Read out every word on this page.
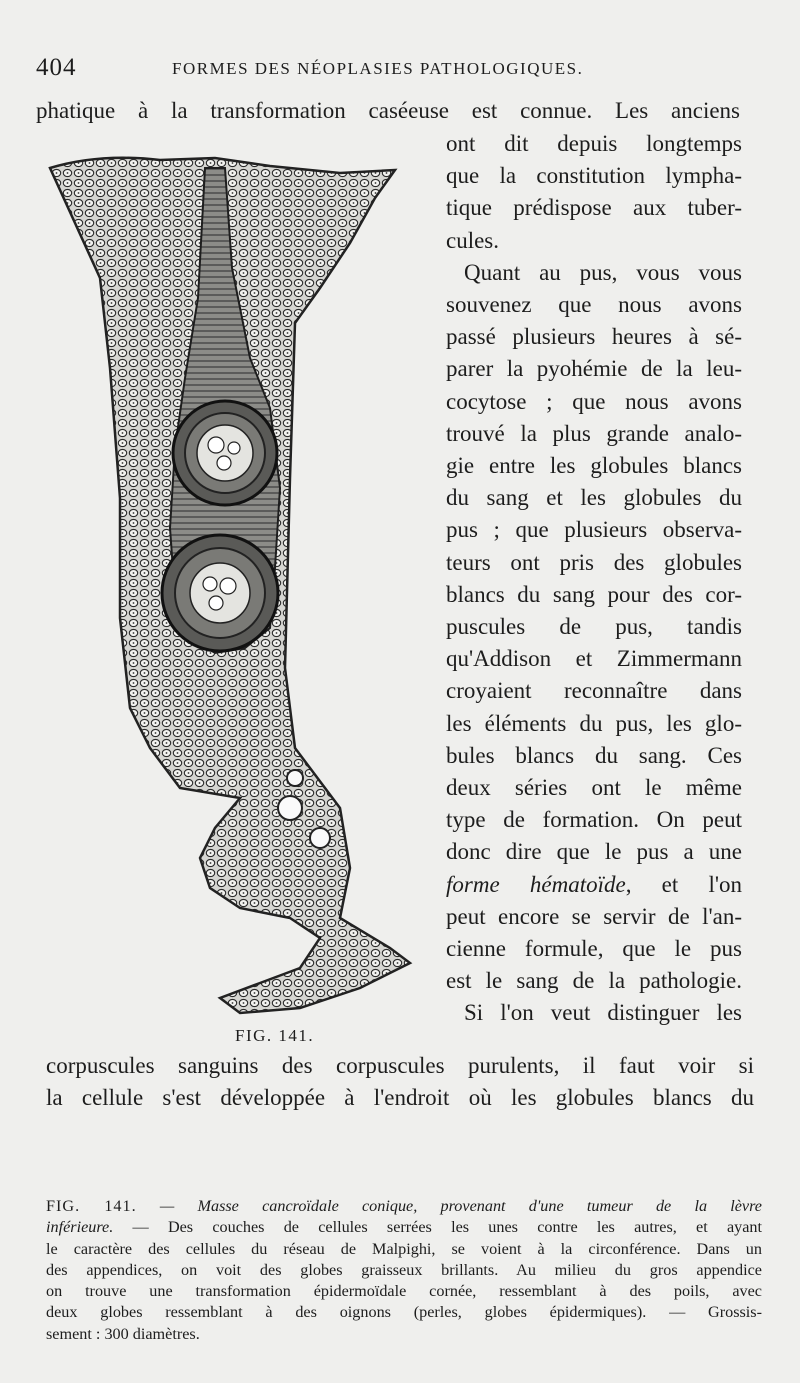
404	FORMES DES NÉOPLASIES PATHOLOGIQUES.
phatique à la transformation caséeuse est connue. Les anciens
ont dit depuis longtemps
que la constitution lympha-
tique prédispose aux tuber-
cules.
Quant au pus, vous vous
souvenez que nous avons
passé plusieurs heures à sé-
parer la pyohémie de la leu-
cocytose ; que nous avons
trouvé la plus grande analo-
gie entre les globules blancs
du sang et les globules du
pus ; que plusieurs observa-
teurs ont pris des globules
blancs du sang pour des cor-
puscules de pus, tandis
qu'Addison et Zimmermann
croyaient reconnaître dans
les éléments du pus, les glo-
bules blancs du sang. Ces
deux séries ont le même
type de formation. On peut
donc dire que le pus a une
forme hématoïde, et l'on
peut encore se servir de l'an-
cienne formule, que le pus
est le sang de la pathologie.
Si l'on veut distinguer les
FIG. 141.
corpuscules sanguins des corpuscules purulents, il faut voir si
la cellule s'est développée à l'endroit où les globules blancs du
FIG. 141. — Masse cancroïdale conique, provenant d'une tumeur de la lèvre
inférieure. — Des couches de cellules serrées les unes contre les autres, et ayant
le caractère des cellules du réseau de Malpighi, se voient à la circonférence. Dans un
des appendices, on voit des globes graisseux brillants. Au milieu du gros appendice
on trouve une transformation épidermoïdale cornée, ressemblant à des poils, avec
deux globes ressemblant à des oignons (perles, globes épidermiques). — Grossis-
sement : 300 diamètres.
